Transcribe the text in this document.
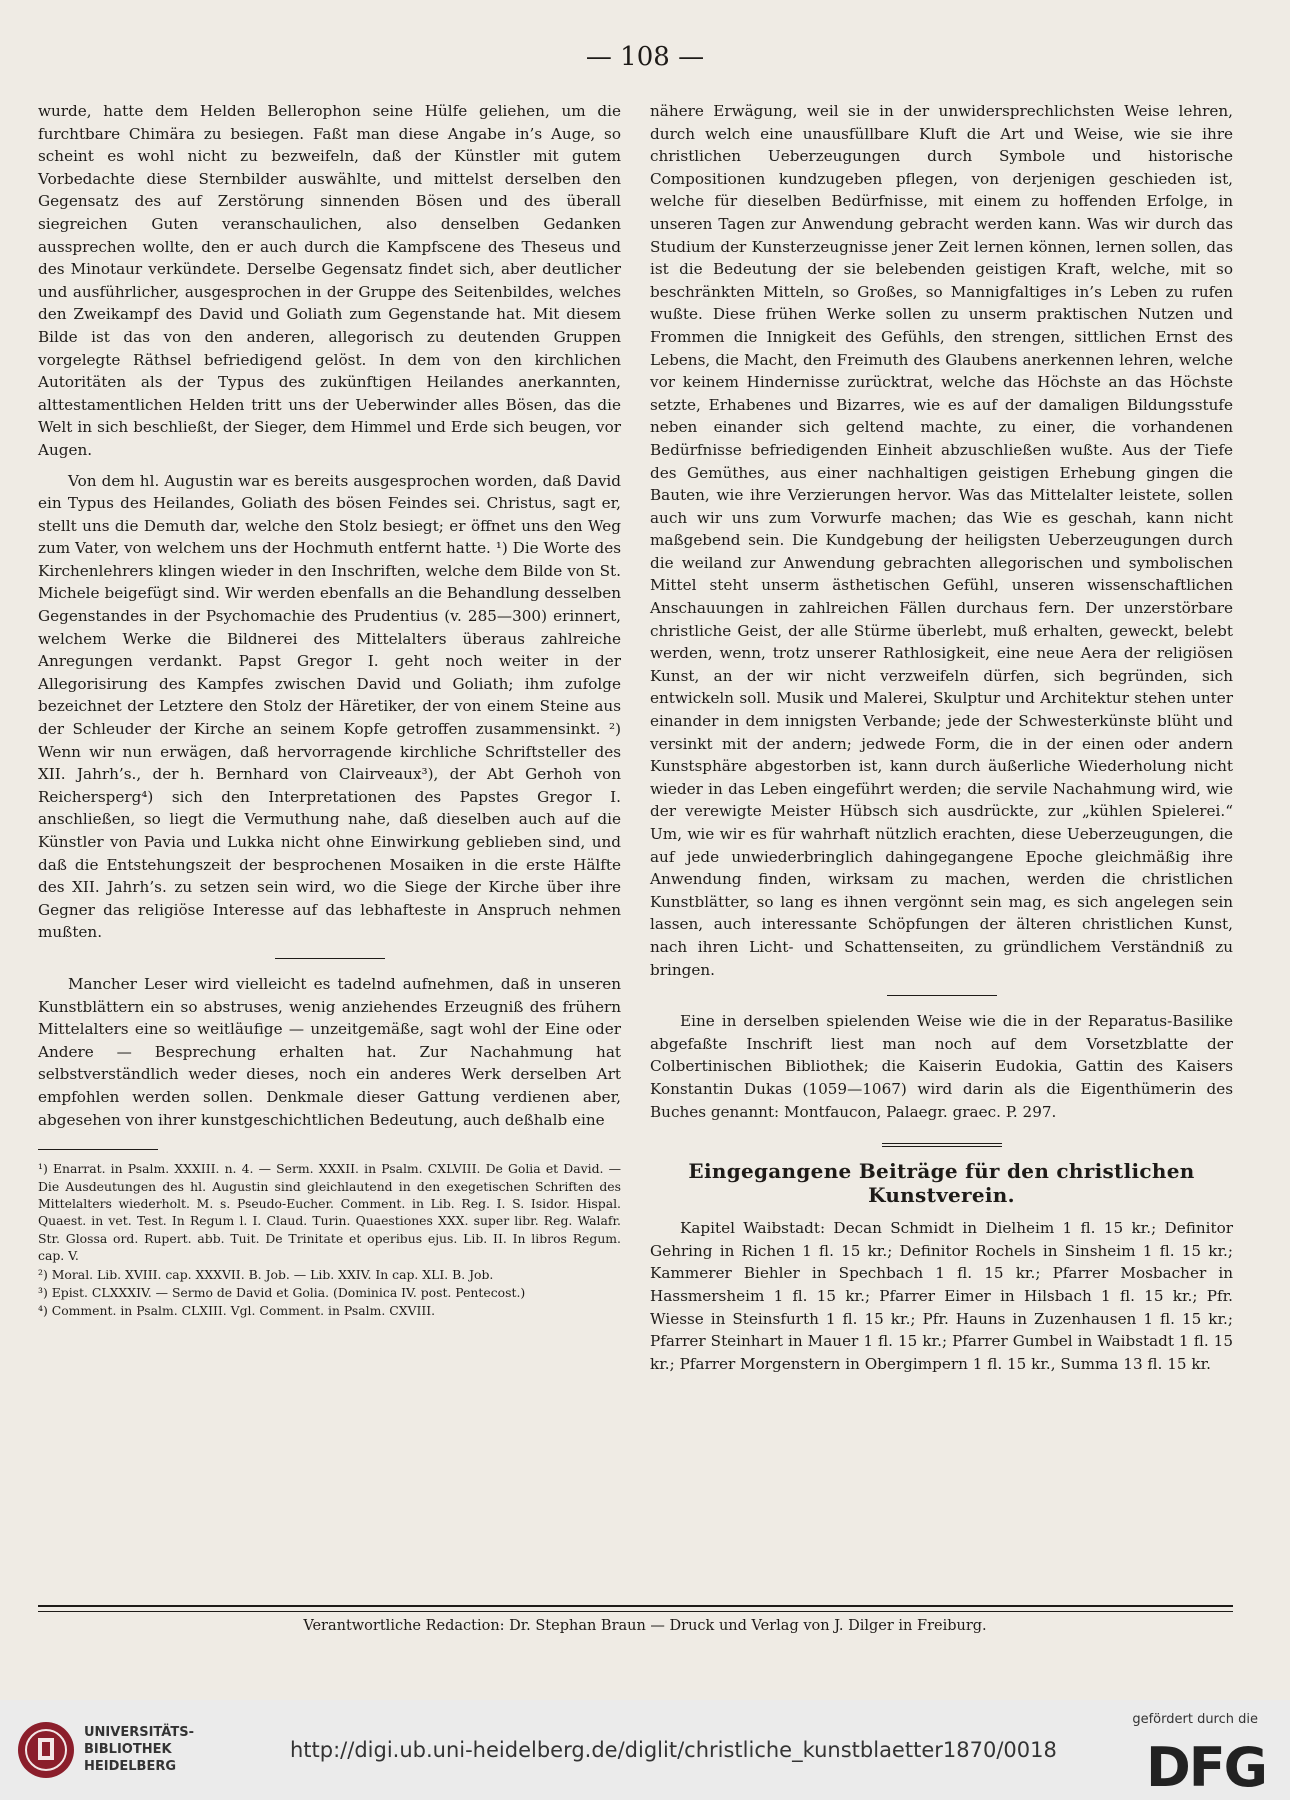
— 108 —

wurde, hatte dem Helden Bellerophon seine Hülfe geliehen, um die furchtbare Chimära zu besiegen. Faßt man diese Angabe in’s Auge, so scheint es wohl nicht zu bezweifeln, daß der Künstler mit gutem Vorbedachte diese Sternbilder auswählte, und mittelst derselben den Gegensatz des auf Zerstörung sinnenden Bösen und des überall siegreichen Guten veranschaulichen, also denselben Gedanken aussprechen wollte, den er auch durch die Kampfscene des Theseus und des Minotaur verkündete. Derselbe Gegensatz findet sich, aber deutlicher und ausführlicher, ausgesprochen in der Gruppe des Seitenbildes, welches den Zweikampf des David und Goliath zum Gegenstande hat. Mit diesem Bilde ist das von den anderen, allegorisch zu deutenden Gruppen vorgelegte Räthsel befriedigend gelöst. In dem von den kirchlichen Autoritäten als der Typus des zukünftigen Heilandes anerkannten, alttestamentlichen Helden tritt uns der Ueberwinder alles Bösen, das die Welt in sich beschließt, der Sieger, dem Himmel und Erde sich beugen, vor Augen.

Von dem hl. Augustin war es bereits ausgesprochen worden, daß David ein Typus des Heilandes, Goliath des bösen Feindes sei. Christus, sagt er, stellt uns die Demuth dar, welche den Stolz besiegt; er öffnet uns den Weg zum Vater, von welchem uns der Hochmuth entfernt hatte. ¹) Die Worte des Kirchenlehrers klingen wieder in den Inschriften, welche dem Bilde von St. Michele beigefügt sind. Wir werden ebenfalls an die Behandlung desselben Gegenstandes in der Psychomachie des Prudentius (v. 285—300) erinnert, welchem Werke die Bildnerei des Mittelalters überaus zahlreiche Anregungen verdankt. Papst Gregor I. geht noch weiter in der Allegorisirung des Kampfes zwischen David und Goliath; ihm zufolge bezeichnet der Letztere den Stolz der Häretiker, der von einem Steine aus der Schleuder der Kirche an seinem Kopfe getroffen zusammensinkt. ²) Wenn wir nun erwägen, daß hervorragende kirchliche Schriftsteller des XII. Jahrh’s., der h. Bernhard von Clairveaux³), der Abt Gerhoh von Reichersperg⁴) sich den Interpretationen des Papstes Gregor I. anschließen, so liegt die Vermuthung nahe, daß dieselben auch auf die Künstler von Pavia und Lukka nicht ohne Einwirkung geblieben sind, und daß die Entstehungszeit der besprochenen Mosaiken in die erste Hälfte des XII. Jahrh’s. zu setzen sein wird, wo die Siege der Kirche über ihre Gegner das religiöse Interesse auf das lebhafteste in Anspruch nehmen mußten.

Mancher Leser wird vielleicht es tadelnd aufnehmen, daß in unseren Kunstblättern ein so abstruses, wenig anziehendes Erzeugniß des frühern Mittelalters eine so weitläufige — unzeitgemäße, sagt wohl der Eine oder Andere — Besprechung erhalten hat. Zur Nachahmung hat selbstverständlich weder dieses, noch ein anderes Werk derselben Art empfohlen werden sollen. Denkmale dieser Gattung verdienen aber, abgesehen von ihrer kunstgeschichtlichen Bedeutung, auch deßhalb eine

¹) Enarrat. in Psalm. XXXIII. n. 4. — Serm. XXXII. in Psalm. CXLVIII. De Golia et David. — Die Ausdeutungen des hl. Augustin sind gleichlautend in den exegetischen Schriften des Mittelalters wiederholt. M. s. Pseudo-Eucher. Comment. in Lib. Reg. I. S. Isidor. Hispal. Quaest. in vet. Test. In Regum l. I. Claud. Turin. Quaestiones XXX. super libr. Reg. Walafr. Str. Glossa ord. Rupert. abb. Tuit. De Trinitate et operibus ejus. Lib. II. In libros Regum. cap. V.
²) Moral. Lib. XVIII. cap. XXXVII. B. Job. — Lib. XXIV. In cap. XLI. B. Job.
³) Epist. CLXXXIV. — Sermo de David et Golia. (Dominica IV. post. Pentecost.)
⁴) Comment. in Psalm. CLXIII. Vgl. Comment. in Psalm. CXVIII.

nähere Erwägung, weil sie in der unwidersprechlichsten Weise lehren, durch welch eine unausfüllbare Kluft die Art und Weise, wie sie ihre christlichen Ueberzeugungen durch Symbole und historische Compositionen kundzugeben pflegen, von derjenigen geschieden ist, welche für dieselben Bedürfnisse, mit einem zu hoffenden Erfolge, in unseren Tagen zur Anwendung gebracht werden kann. Was wir durch das Studium der Kunsterzeugnisse jener Zeit lernen können, lernen sollen, das ist die Bedeutung der sie belebenden geistigen Kraft, welche, mit so beschränkten Mitteln, so Großes, so Mannigfaltiges in’s Leben zu rufen wußte. Diese frühen Werke sollen zu unserm praktischen Nutzen und Frommen die Innigkeit des Gefühls, den strengen, sittlichen Ernst des Lebens, die Macht, den Freimuth des Glaubens anerkennen lehren, welche vor keinem Hindernisse zurücktrat, welche das Höchste an das Höchste setzte, Erhabenes und Bizarres, wie es auf der damaligen Bildungsstufe neben einander sich geltend machte, zu einer, die vorhandenen Bedürfnisse befriedigenden Einheit abzuschließen wußte. Aus der Tiefe des Gemüthes, aus einer nachhaltigen geistigen Erhebung gingen die Bauten, wie ihre Verzierungen hervor. Was das Mittelalter leistete, sollen auch wir uns zum Vorwurfe machen; das Wie es geschah, kann nicht maßgebend sein. Die Kundgebung der heiligsten Ueberzeugungen durch die weiland zur Anwendung gebrachten allegorischen und symbolischen Mittel steht unserm ästhetischen Gefühl, unseren wissenschaftlichen Anschauungen in zahlreichen Fällen durchaus fern. Der unzerstörbare christliche Geist, der alle Stürme überlebt, muß erhalten, geweckt, belebt werden, wenn, trotz unserer Rathlosigkeit, eine neue Aera der religiösen Kunst, an der wir nicht verzweifeln dürfen, sich begründen, sich entwickeln soll. Musik und Malerei, Skulptur und Architektur stehen unter einander in dem innigsten Verbande; jede der Schwesterkünste blüht und versinkt mit der andern; jedwede Form, die in der einen oder andern Kunstsphäre abgestorben ist, kann durch äußerliche Wiederholung nicht wieder in das Leben eingeführt werden; die servile Nachahmung wird, wie der verewigte Meister Hübsch sich ausdrückte, zur „kühlen Spielerei.“ Um, wie wir es für wahrhaft nützlich erachten, diese Ueberzeugungen, die auf jede unwiederbringlich dahingegangene Epoche gleichmäßig ihre Anwendung finden, wirksam zu machen, werden die christlichen Kunstblätter, so lang es ihnen vergönnt sein mag, es sich angelegen sein lassen, auch interessante Schöpfungen der älteren christlichen Kunst, nach ihren Licht- und Schattenseiten, zu gründlichem Verständniß zu bringen.

Eine in derselben spielenden Weise wie die in der Reparatus-Basilike abgefaßte Inschrift liest man noch auf dem Vorsetzblatte der Colbertinischen Bibliothek; die Kaiserin Eudokia, Gattin des Kaisers Konstantin Dukas (1059—1067) wird darin als die Eigenthümerin des Buches genannt: Montfaucon, Palaegr. graec. P. 297.

Eingegangene Beiträge für den christlichen Kunstverein.

Kapitel Waibstadt: Decan Schmidt in Dielheim 1 fl. 15 kr.; Definitor Gehring in Richen 1 fl. 15 kr.; Definitor Rochels in Sinsheim 1 fl. 15 kr.; Kammerer Biehler in Spechbach 1 fl. 15 kr.; Pfarrer Mosbacher in Hassmersheim 1 fl. 15 kr.; Pfarrer Eimer in Hilsbach 1 fl. 15 kr.; Pfr. Wiesse in Steinsfurth 1 fl. 15 kr.; Pfr. Hauns in Zuzenhausen 1 fl. 15 kr.; Pfarrer Steinhart in Mauer 1 fl. 15 kr.; Pfarrer Gumbel in Waibstadt 1 fl. 15 kr.; Pfarrer Morgenstern in Obergimpern 1 fl. 15 kr., Summa 13 fl. 15 kr.

Verantwortliche Redaction: Dr. Stephan Braun — Druck und Verlag von J. Dilger in Freiburg.
UNIVERSITÄTS-
BIBLIOTHEK
HEIDELBERG
http://digi.ub.uni-heidelberg.de/diglit/christliche_kunstblaetter1870/0018
gefördert durch die
DFG
